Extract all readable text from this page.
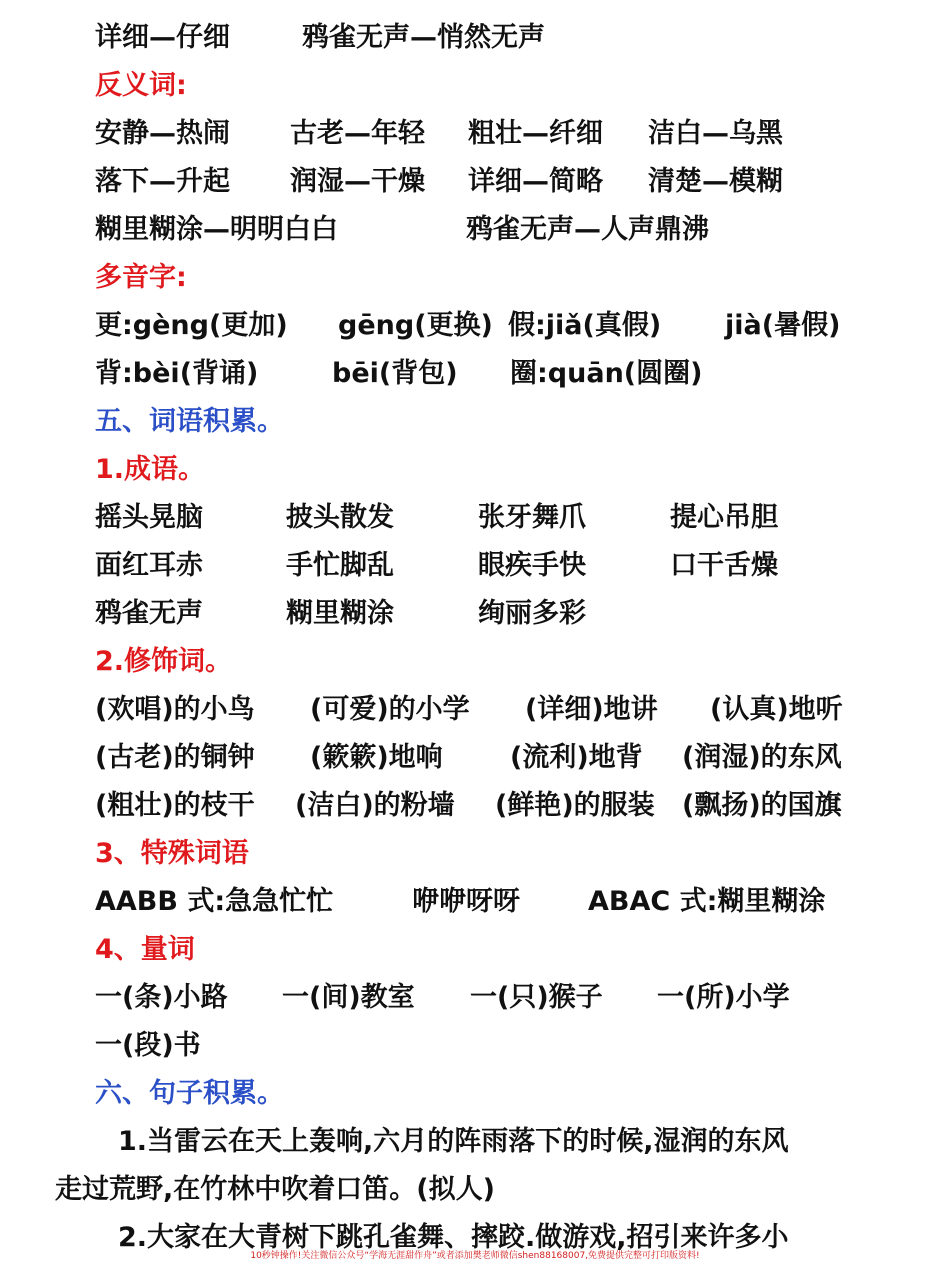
详细—仔细	鸦雀无声—悄然无声
反义词:
安静—热闹 古老—年轻 粗壮—纤细 洁白—乌黑
落下—升起 润湿—干燥 详细—简略 清楚—模糊
糊里糊涂—明明白白	鸦雀无声—人声鼎沸
多音字:
更:gèng(更加) gēng(更换) 假:jiǎ(真假) jià(暑假)
背:bèi(背诵)	bēi(背包) 圈:quān(圆圈)
五、词语积累。
1.成语。
摇头晃脑	披头散发	张牙舞爪	提心吊胆
面红耳赤	手忙脚乱	眼疾手快	口干舌燥
鸦雀无声	糊里糊涂	绚丽多彩
2.修饰词。
(欢唱)的小鸟 (可爱)的小学 (详细)地讲 (认真)地听
(古老)的铜钟 (簌簌)地响 (流利)地背 (润湿)的东风
(粗壮)的枝干 (洁白)的粉墙 (鲜艳)的服装 (飘扬)的国旗
3、特殊词语
AABB 式:急急忙忙	咿咿呀呀	ABAC 式:糊里糊涂
4、量词
一(条)小路 一(间)教室 一(只)猴子 一(所)小学
一(段)书
六、句子积累。
1.当雷云在天上轰响,六月的阵雨落下的时候,湿润的东风
走过荒野,在竹林中吹着口笛。(拟人)
2.大家在大青树下跳孔雀舞、摔跤.做游戏,招引来许多小
10秒钟操作!关注微信公众号“学海无涯甜作舟”或者添加樊老师微信shen88168007,免费提供完整可打印版资料!
